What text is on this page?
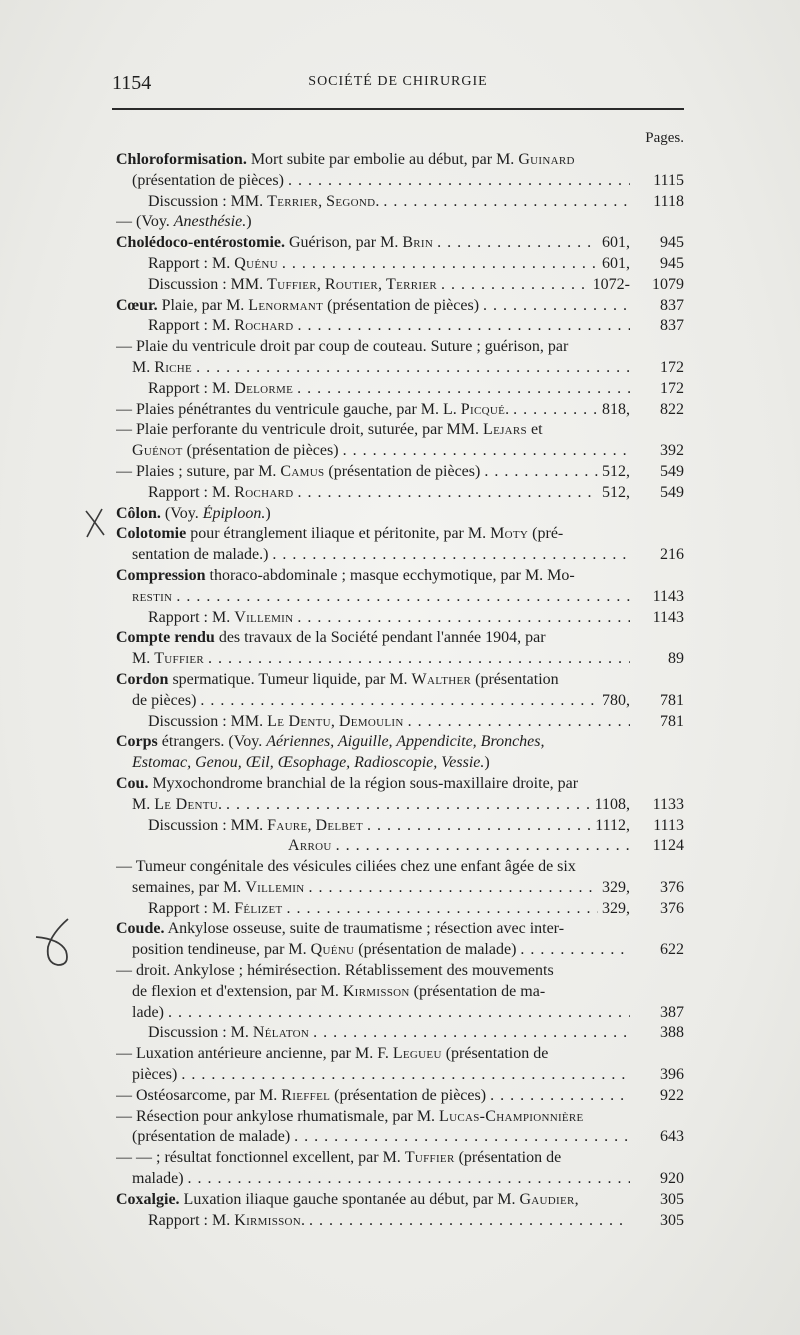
1154	SOCIÉTÉ DE CHIRURGIE
Pages.
Chloroformisation. Mort subite par embolie au début, par M. Guinard
(présentation de pièces) . . .	1115
Discussion : MM. Terrier, Segond. . . .	1118
— (Voy. Anesthésie.)
Cholédoco-entérostomie. Guérison, par M. Brin . . .	601,	945
Rapport : M. Quénu . . .	601,	945
Discussion : MM. Tuffier, Routier, Terrier . . .	1072-	1079
Cœur. Plaie, par M. Lenormant (présentation de pièces) . . .	837
Rapport : M. Rochard . . .	837
— Plaie du ventricule droit par coup de couteau. Suture ; guérison, par
M. Riche . . .	172
Rapport : M. Delorme . . .	172
— Plaies pénétrantes du ventricule gauche, par M. L. Picqué. . . .	818,	822
— Plaie perforante du ventricule droit, suturée, par MM. Lejars et
Guénot (présentation de pièces) . . .	392
— Plaies ; suture, par M. Camus (présentation de pièces) . . .	512,	549
Rapport : M. Rochard . . .	512,	549
Côlon. (Voy. Épiploon.)
Colotomie pour étranglement iliaque et péritonite, par M. Moty (pré-
sentation de malade.) . . .	216
Compression thoraco-abdominale ; masque ecchymotique, par M. Mo-
restin . . .	1143
Rapport : M. Villemin . . .	1143
Compte rendu des travaux de la Société pendant l'année 1904, par
M. Tuffier . . .	89
Cordon spermatique. Tumeur liquide, par M. Walther (présentation
de pièces) . . .	780,	781
Discussion : MM. Le Dentu, Demoulin . . .	781
Corps étrangers. (Voy. Aériennes, Aiguille, Appendicite, Bronches,
Estomac, Genou, Œil, Œsophage, Radioscopie, Vessie.)
Cou. Myxochondrome branchial de la région sous-maxillaire droite, par
M. Le Dentu. . . .	1108,	1133
Discussion : MM. Faure, Delbet . . .	1112,	1113
Arrou . . .	1124
— Tumeur congénitale des vésicules ciliées chez une enfant âgée de six
semaines, par M. Villemin . . .	329,	376
Rapport : M. Félizet . . .	329,	376
Coude. Ankylose osseuse, suite de traumatisme ; résection avec inter-
position tendineuse, par M. Quénu (présentation de malade) . . .	622
— droit. Ankylose ; hémirésection. Rétablissement des mouvements
de flexion et d'extension, par M. Kirmisson (présentation de ma-
lade) . . .	387
Discussion : M. Nélaton . . .	388
— Luxation antérieure ancienne, par M. F. Legueu (présentation de
pièces) . . .	396
— Ostéosarcome, par M. Rieffel (présentation de pièces) . . .	922
— Résection pour ankylose rhumatismale, par M. Lucas-Championnière
(présentation de malade) . . .	643
— — ; résultat fonctionnel excellent, par M. Tuffier (présentation de
malade) . . .	920
Coxalgie. Luxation iliaque gauche spontanée au début, par M. Gaudier,	305
Rapport : M. Kirmisson. . . .	305
